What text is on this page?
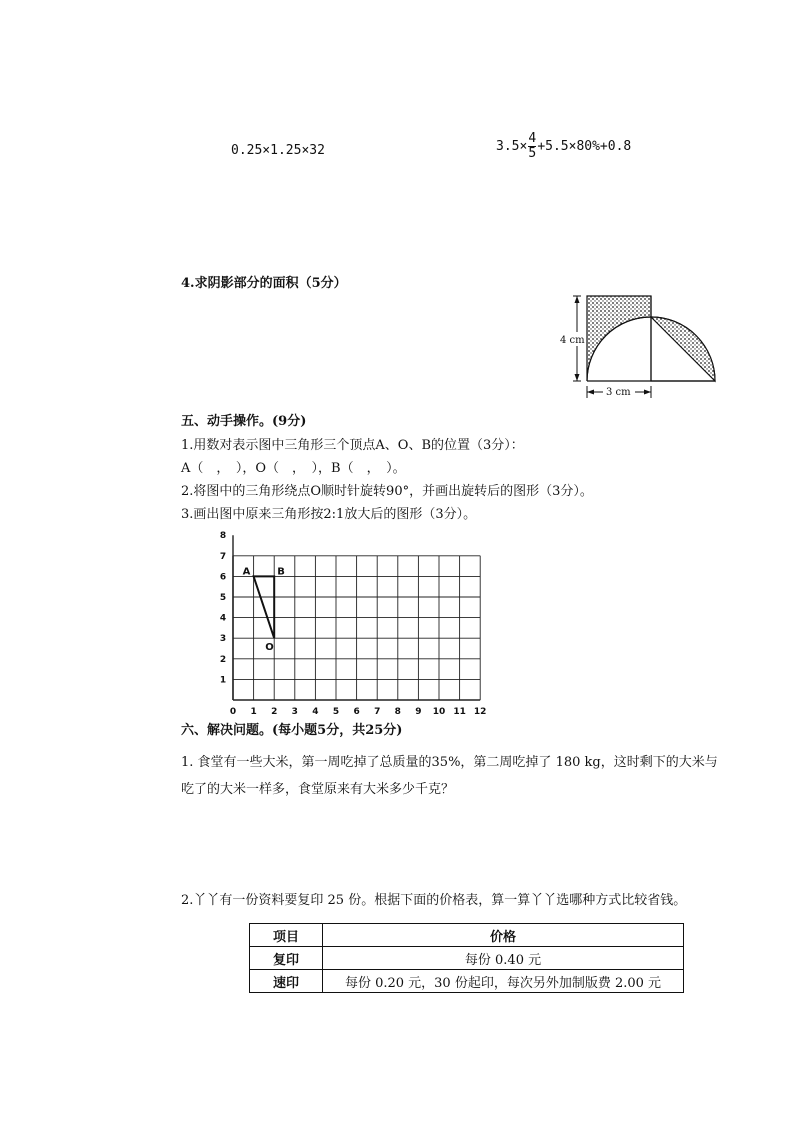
0.25×1.25×32	$3.5\times \frac{4}{5} +5.5\times 80\%+0.8$
4.求阴影部分的面积（5分）
4 cm
3 cm
五、动手操作。(9分)
1.用数对表示图中三角形三个顶点A、O、B的位置（3分）：
A（　，　），O（　，　），B（　，　）。
2.将图中的三角形绕点O顺时针旋转90°，并画出旋转后的图形（3分）。
3.画出图中原来三角形按2:1放大后的图形（3分）。
0 1 2 3 4 5 6 7 8 9 10 11 12
1
2
3
4
5
6
7
8
A	B
O
六、解决问题。(每小题5分，共25分)
1. 食堂有一些大米，第一周吃掉了总质量的35%，第二周吃掉了 180 kg，这时剩下的大米与
吃了的大米一样多，食堂原来有大米多少千克？
2.丫丫有一份资料要复印 25 份。根据下面的价格表，算一算丫丫选哪种方式比较省钱。
项目	价格
复印	每份 0.40 元
速印	每份 0.20 元，30 份起印，每次另外加制版费 2.00 元
